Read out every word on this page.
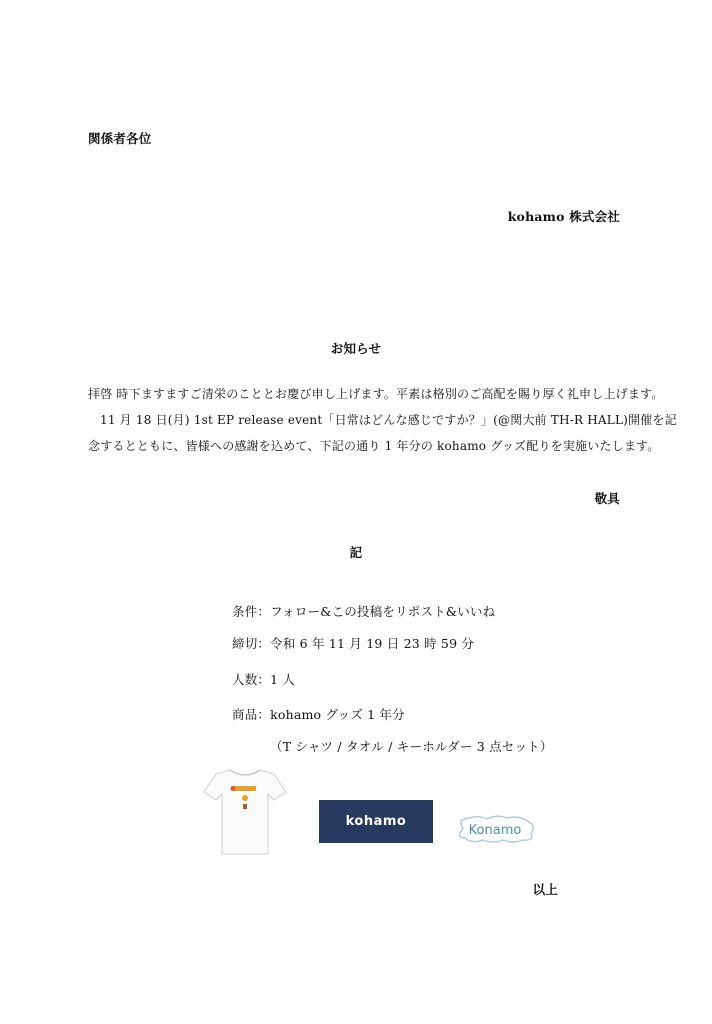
関係者各位
kohamo 株式会社
お知らせ
拝啓 時下ますますご清栄のこととお慶び申し上げます。平素は格別のご高配を賜り厚く礼申し上げます。
11 月 18 日(月) 1st EP release event「日常はどんな感じですか？」(@関大前 TH-R HALL)開催を記
念するとともに、皆様への感謝を込めて、下記の通り 1 年分の kohamo グッズ配りを実施いたします。
敬具
記
条件：フォロー&この投稿をリポスト&いいね
締切：令和 6 年 11 月 19 日 23 時 59 分
人数：1 人
商品：kohamo グッズ 1 年分
（T シャツ / タオル / キーホルダー 3 点セット）
kohamo
Konamo
以上
